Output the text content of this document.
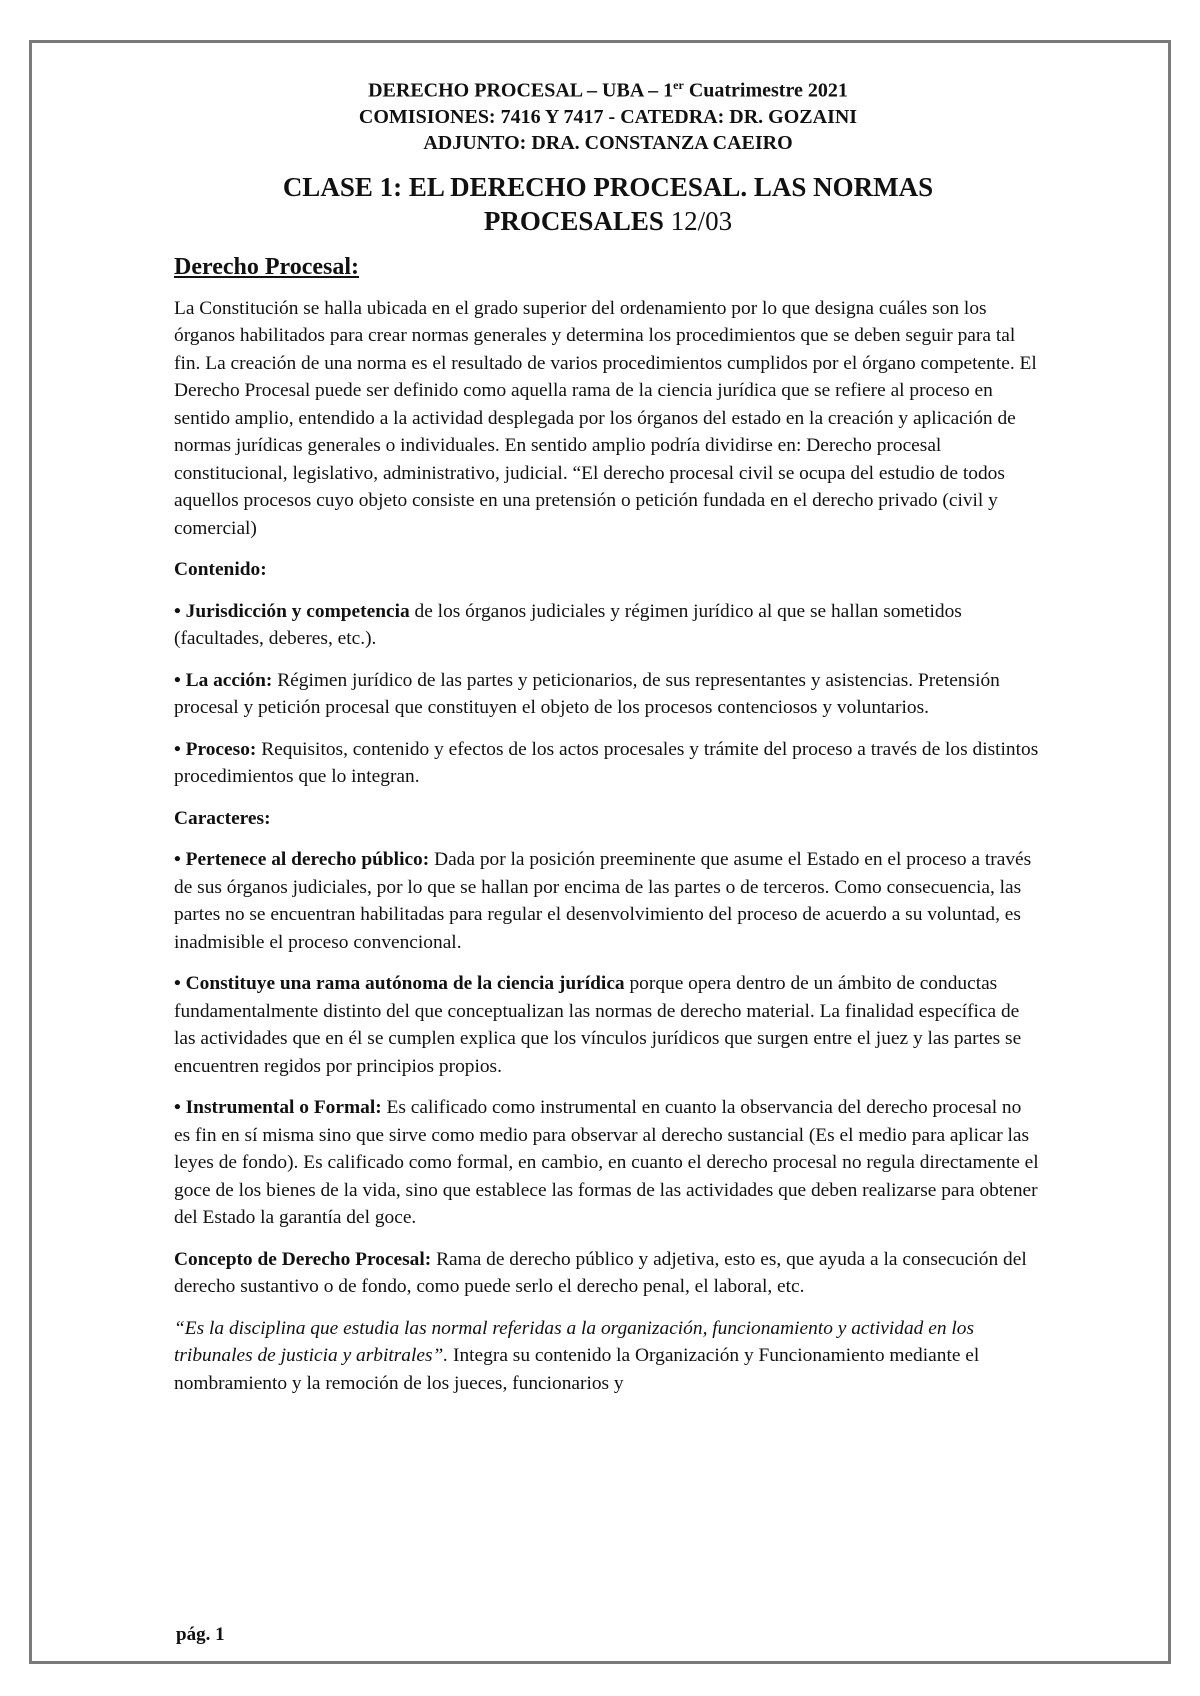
DERECHO PROCESAL – UBA – 1er Cuatrimestre 2021
COMISIONES: 7416 Y 7417 - CATEDRA: DR. GOZAINI
ADJUNTO: DRA. CONSTANZA CAEIRO
CLASE 1: EL DERECHO PROCESAL. LAS NORMAS
PROCESALES 12/03
Derecho Procesal:

La Constitución se halla ubicada en el grado superior del ordenamiento por lo que designa cuáles son los órganos habilitados para crear normas generales y determina los procedimientos que se deben seguir para tal fin. La creación de una norma es el resultado de varios procedimientos cumplidos por el órgano competente. El Derecho Procesal puede ser definido como aquella rama de la ciencia jurídica que se refiere al proceso en sentido amplio, entendido a la actividad desplegada por los órganos del estado en la creación y aplicación de normas jurídicas generales o individuales. En sentido amplio podría dividirse en: Derecho procesal constitucional, legislativo, administrativo, judicial. “El derecho procesal civil se ocupa del estudio de todos aquellos procesos cuyo objeto consiste en una pretensión o petición fundada en el derecho privado (civil y comercial)

Contenido:

• Jurisdicción y competencia de los órganos judiciales y régimen jurídico al que se hallan sometidos (facultades, deberes, etc.).

• La acción: Régimen jurídico de las partes y peticionarios, de sus representantes y asistencias. Pretensión procesal y petición procesal que constituyen el objeto de los procesos contenciosos y voluntarios.

• Proceso: Requisitos, contenido y efectos de los actos procesales y trámite del proceso a través de los distintos procedimientos que lo integran.

Caracteres:

• Pertenece al derecho público: Dada por la posición preeminente que asume el Estado en el proceso a través de sus órganos judiciales, por lo que se hallan por encima de las partes o de terceros. Como consecuencia, las partes no se encuentran habilitadas para regular el desenvolvimiento del proceso de acuerdo a su voluntad, es inadmisible el proceso convencional.

• Constituye una rama autónoma de la ciencia jurídica porque opera dentro de un ámbito de conductas fundamentalmente distinto del que conceptualizan las normas de derecho material. La finalidad específica de las actividades que en él se cumplen explica que los vínculos jurídicos que surgen entre el juez y las partes se encuentren regidos por principios propios.

• Instrumental o Formal: Es calificado como instrumental en cuanto la observancia del derecho procesal no es fin en sí misma sino que sirve como medio para observar al derecho sustancial (Es el medio para aplicar las leyes de fondo). Es calificado como formal, en cambio, en cuanto el derecho procesal no regula directamente el goce de los bienes de la vida, sino que establece las formas de las actividades que deben realizarse para obtener del Estado la garantía del goce.

Concepto de Derecho Procesal: Rama de derecho público y adjetiva, esto es, que ayuda a la consecución del derecho sustantivo o de fondo, como puede serlo el derecho penal, el laboral, etc.

“Es la disciplina que estudia las normal referidas a la organización, funcionamiento y actividad en los tribunales de justicia y arbitrales”. Integra su contenido la Organización y Funcionamiento mediante el nombramiento y la remoción de los jueces, funcionarios y

pág. 1
